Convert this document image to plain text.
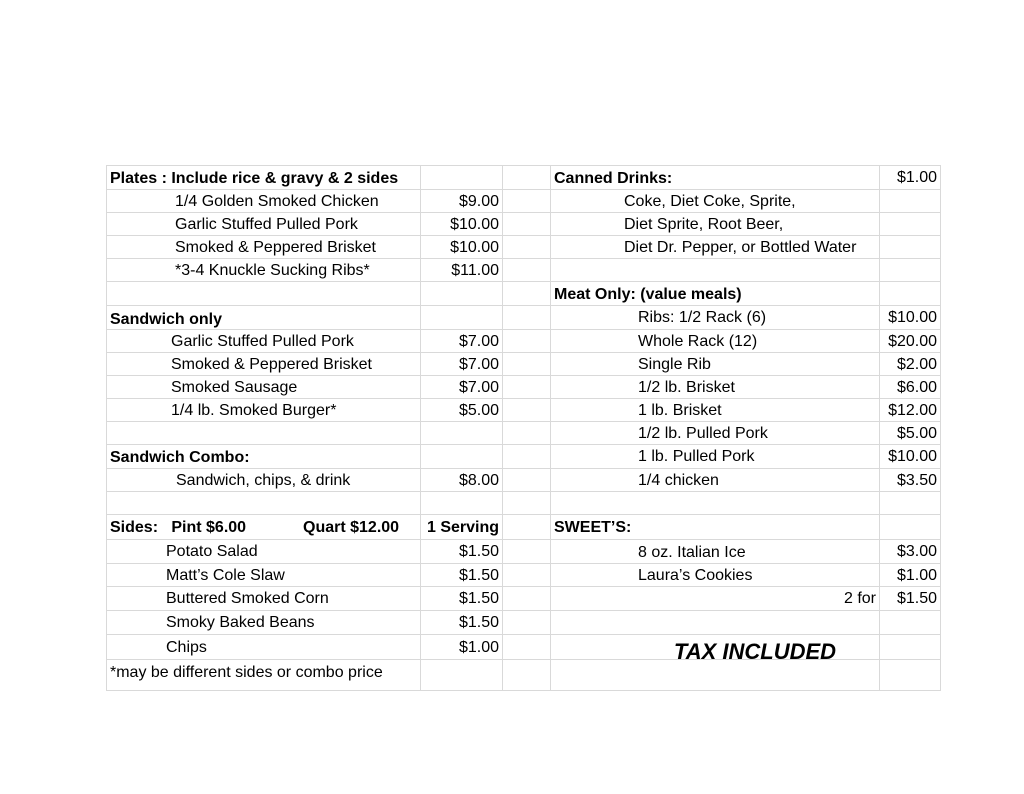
Plates : Include rice & gravy & 2 sides
1/4 Golden Smoked Chicken	$9.00
Garlic Stuffed Pulled Pork	$10.00
Smoked & Peppered Brisket	$10.00
*3-4 Knuckle Sucking Ribs*	$11.00
Sandwich only
Garlic Stuffed Pulled Pork	$7.00
Smoked & Peppered Brisket	$7.00
Smoked Sausage	$7.00
1/4 lb. Smoked Burger*	$5.00
Sandwich Combo:
Sandwich, chips, & drink	$8.00
Sides:   Pint $6.00	Quart $12.00	1 Serving
Potato Salad	$1.50
Matt’s Cole Slaw	$1.50
Buttered Smoked Corn	$1.50
Smoky Baked Beans	$1.50
Chips	$1.00
*may be different sides or combo price
Canned Drinks:	$1.00
Coke, Diet Coke, Sprite,
Diet Sprite, Root Beer,
Diet Dr. Pepper, or Bottled Water
Meat Only: (value meals)
Ribs: 1/2 Rack (6)	$10.00
Whole Rack (12)	$20.00
Single Rib	$2.00
1/2 lb. Brisket	$6.00
1 lb. Brisket	$12.00
1/2 lb. Pulled Pork	$5.00
1 lb. Pulled Pork	$10.00
1/4 chicken	$3.50
SWEET’S:
8 oz. Italian Ice	$3.00
Laura’s Cookies	$1.00
2 for	$1.50
TAX INCLUDED
